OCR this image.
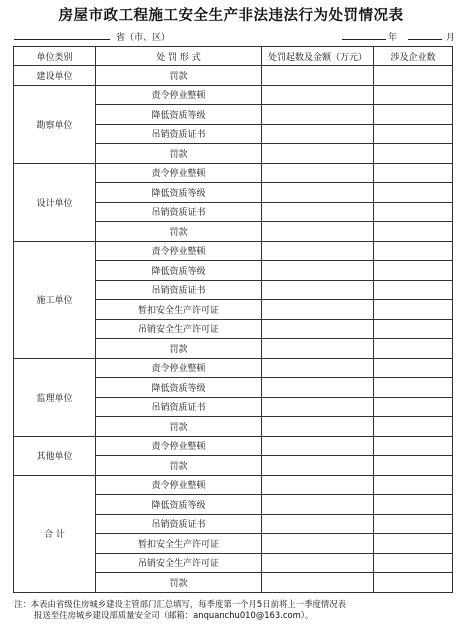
房屋市政工程施工安全生产非法违法行为处罚情况表
省（市、区）	年	月
单位类别	处 罚 形 式	处罚起数及金额（万元）	涉及企业数
建设单位	罚款		
勘察单位	责令停业整顿		
	降低资质等级		
	吊销资质证书		
	罚款		
设计单位	责令停业整顿		
	降低资质等级		
	吊销资质证书		
	罚款		
施工单位	责令停业整顿		
	降低资质等级		
	吊销资质证书		
	暂扣安全生产许可证		
	吊销安全生产许可证		
	罚款		
监理单位	责令停业整顿		
	降低资质等级		
	吊销资质证书		
	罚款		
其他单位	责令停业整顿		
	罚款		
合 计	责令停业整顿		
	降低资质等级		
	吊销资质证书		
	暂扣安全生产许可证		
	吊销安全生产许可证		
	罚款		
注：本表由省级住房城乡建设主管部门汇总填写，每季度第一个月5日前将上一季度情况表
报送至住房城乡建设部质量安全司（邮箱：anquanchu010@163.com）。
